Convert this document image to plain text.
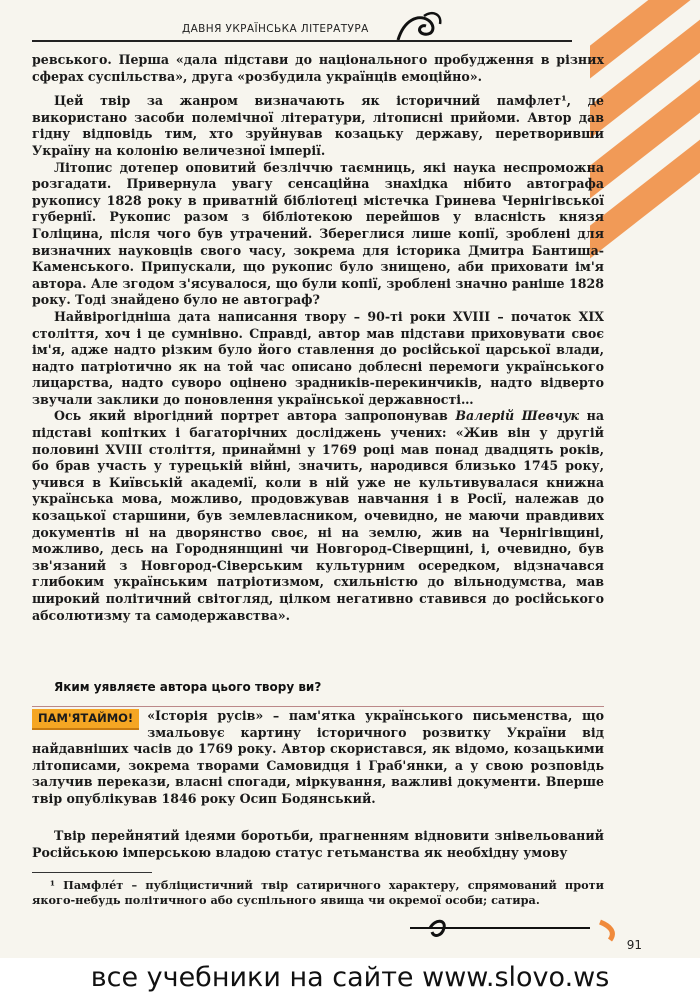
ДАВНЯ УКРАЇНСЬКА ЛІТЕРАТУРА

ревського. Перша «дала підстави до національного пробудження в різних сферах суспільства», друга «розбудила українців емоційно».

Цей твір за жанром визначають як історичний памфлет¹, де використано засоби полемічної літератури, літописні прийоми. Автор дав гідну відповідь тим, хто зруйнував козацьку державу, перетворивши Україну на колонію величезної імперії.

Літопис дотепер оповитий безліччю таємниць, які наука неспроможна розгадати. Привернула увагу сенсаційна знахідка нібито автографа рукопису 1828 року в приватній бібліотеці містечка Гринева Чернігівської губернії. Рукопис разом з бібліотекою перейшов у власність князя Голіцина, після чого був утрачений. Збереглися лише копії, зроблені для визначних науковців свого часу, зокрема для історика Дмитра Бантиша-Каменського. Припускали, що рукопис було знищено, аби приховати ім'я автора. Але згодом з'ясувалося, що були копії, зроблені значно раніше 1828 року. Тоді знайдено було не автограф?

Найвірогідніша дата написання твору – 90-ті роки XVIII – початок XIX століття, хоч і це сумнівно. Справді, автор мав підстави приховувати своє ім'я, адже надто різким було його ставлення до російської царської влади, надто патріотично як на той час описано доблесні перемоги українського лицарства, надто суворо оцінено зрадників-перекинчиків, надто відверто звучали заклики до поновлення української державності…

Ось який вірогідний портрет автора запропонував Валерій Шевчук на підставі копітких і багаторічних досліджень учених: «Жив він у другій половині XVIII століття, принаймні у 1769 році мав понад двадцять років, бо брав участь у турецькій війні, значить, народився близько 1745 року, учився в Київській академії, коли в ній уже не культивувалася книжна українська мова, можливо, продовжував навчання і в Росії, належав до козацької старшини, був землевласником, очевидно, не маючи правдивих документів ні на дворянство своє, ні на землю, жив на Чернігівщині, можливо, десь на Городнянщині чи Новгород-Сіверщині, і, очевидно, був зв'язаний з Новгород-Сіверським культурним осередком, відзначався глибоким українським патріотизмом, схильністю до вільнодумства, мав широкий політичний світогляд, цілком негативно ставився до російського абсолютизму та самодержавства».

Яким уявляєте автора цього твору ви?
ПАМ'ЯТАЙМО!	«Історія русів» – пам'ятка українського письменства, що змальовує картину історичного розвитку України від найдавніших часів до 1769 року. Автор скористався, як відомо, козацькими літописами, зокрема творами Самовидця і Граб'янки, а у свою розповідь залучив перекази, власні спогади, міркування, важливі документи. Вперше твір опублікував 1846 року Осип Бодянський.

Твір перейнятий ідеями боротьби, прагненням відновити знівельований Російською імперською владою статус гетьманства як необхідну умову

¹ Памфлéт – публіцистичний твір сатиричного характеру, спрямований проти якого-небудь політичного або суспільного явища чи окремої особи; сатира.
91
все учебники на сайте www.slovo.ws
